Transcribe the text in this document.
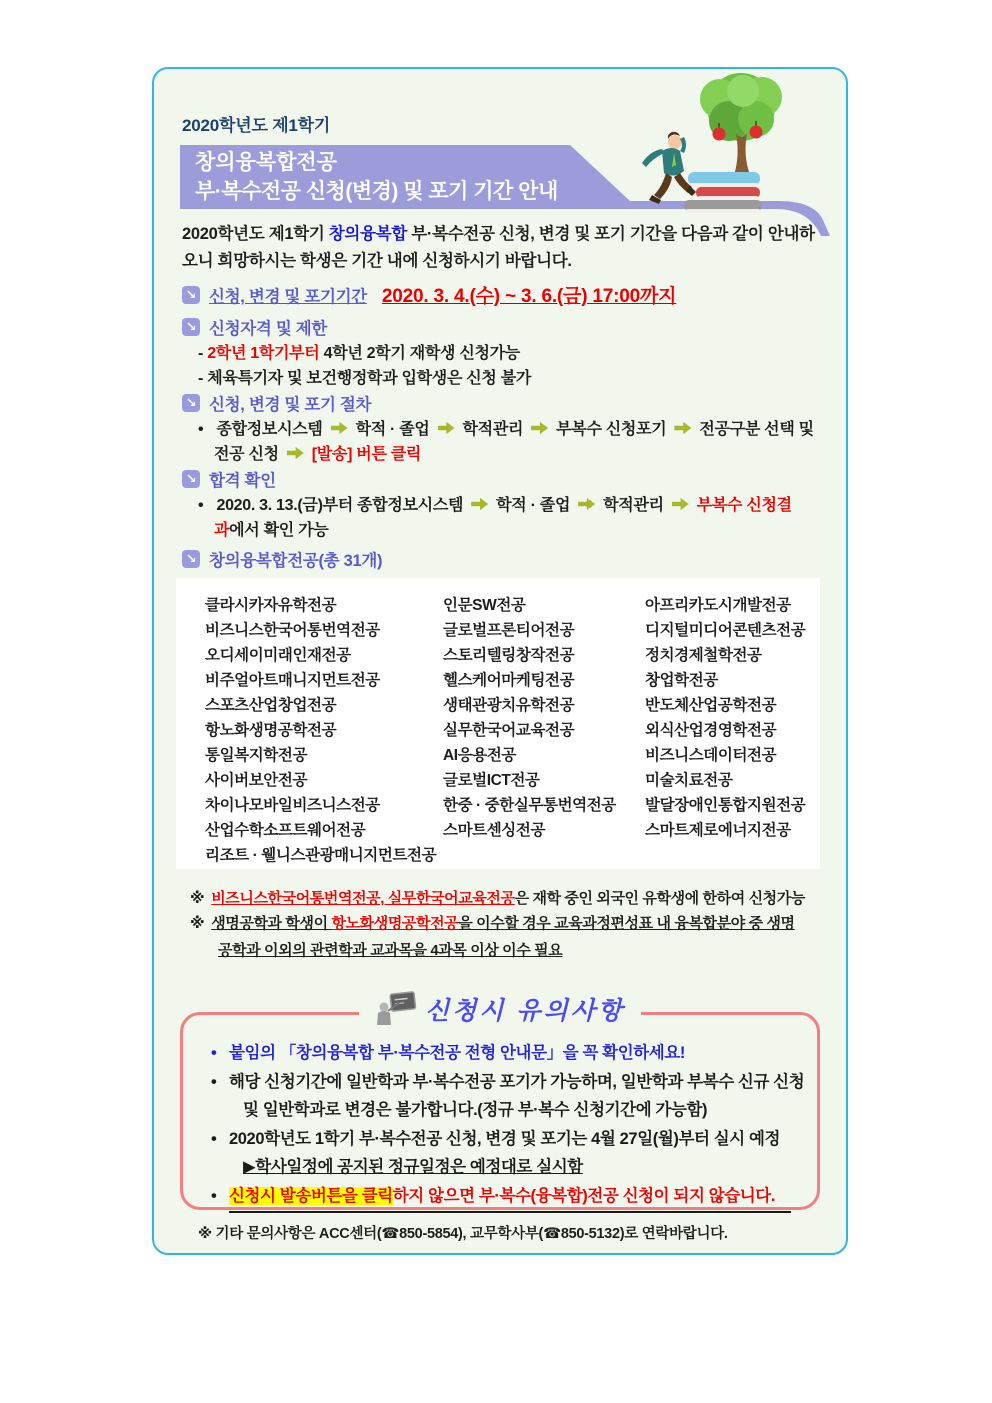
2020학년도 제1학기
창의융복합전공
부·복수전공 신청(변경) 및 포기 기간 안내
2020학년도 제1학기 창의융복합 부·복수전공 신청, 변경 및 포기 기간을 다음과 같이 안내하오니 희망하시는 학생은 기간 내에 신청하시기 바랍니다.
↘ 신청, 변경 및 포기기간 2020. 3. 4.(수) ~ 3. 6.(금) 17:00까지
↘ 신청자격 및 제한
- 2학년 1학기부터 4학년 2학기 재학생 신청가능
- 체육특기자 및 보건행정학과 입학생은 신청 불가
↘ 신청, 변경 및 포기 절차
• 종합정보시스템 학적 · 졸업 학적관리 부복수 신청포기 전공구분 선택 및
전공 신청 [발송] 버튼 클릭
↘ 합격 확인
• 2020. 3. 13.(금)부터 종합정보시스템 학적 · 졸업 학적관리 부복수 신청결
과에서 확인 가능
↘ 창의융복합전공(총 31개)
클라시카자유학전공	인문SW전공	아프리카도시개발전공
비즈니스한국어통번역전공	글로벌프론티어전공	디지털미디어콘텐츠전공
오디세이미래인재전공	스토리텔링창작전공	정치경제철학전공
비주얼아트매니지먼트전공	헬스케어마케팅전공	창업학전공
스포츠산업창업전공	생태관광치유학전공	반도체산업공학전공
항노화생명공학전공	실무한국어교육전공	외식산업경영학전공
통일복지학전공	AI응용전공	비즈니스데이터전공
사이버보안전공	글로벌ICT전공	미술치료전공
차이나모바일비즈니스전공	한중 · 중한실무통번역전공	발달장애인통합지원전공
산업수학소프트웨어전공	스마트센싱전공	스마트제로에너지전공
리조트 · 웰니스관광매니지먼트전공
※ 비즈니스한국어통번역전공, 실무한국어교육전공은 재학 중인 외국인 유학생에 한하여 신청가능
※ 생명공학과 학생이 항노화생명공학전공을 이수할 경우 교육과정편성표 내 융복합분야 중 생명
공학과 이외의 관련학과 교과목을 4과목 이상 이수 필요
신청시 유의사항
• 붙임의 「창의융복합 부·복수전공 전형 안내문」을 꼭 확인하세요!
• 해당 신청기간에 일반학과 부·복수전공 포기가 가능하며, 일반학과 부복수 신규 신청
및 일반학과로 변경은 불가합니다.(정규 부·복수 신청기간에 가능함)
• 2020학년도 1학기 부·복수전공 신청, 변경 및 포기는 4월 27일(월)부터 실시 예정
▶학사일정에 공지된 정규일정은 예정대로 실시함
• 신청시 발송버튼을 클릭하지 않으면 부·복수(융복합)전공 신청이 되지 않습니다.
※ 기타 문의사항은 ACC센터(☎850-5854), 교무학사부(☎850-5132)로 연락바랍니다.
